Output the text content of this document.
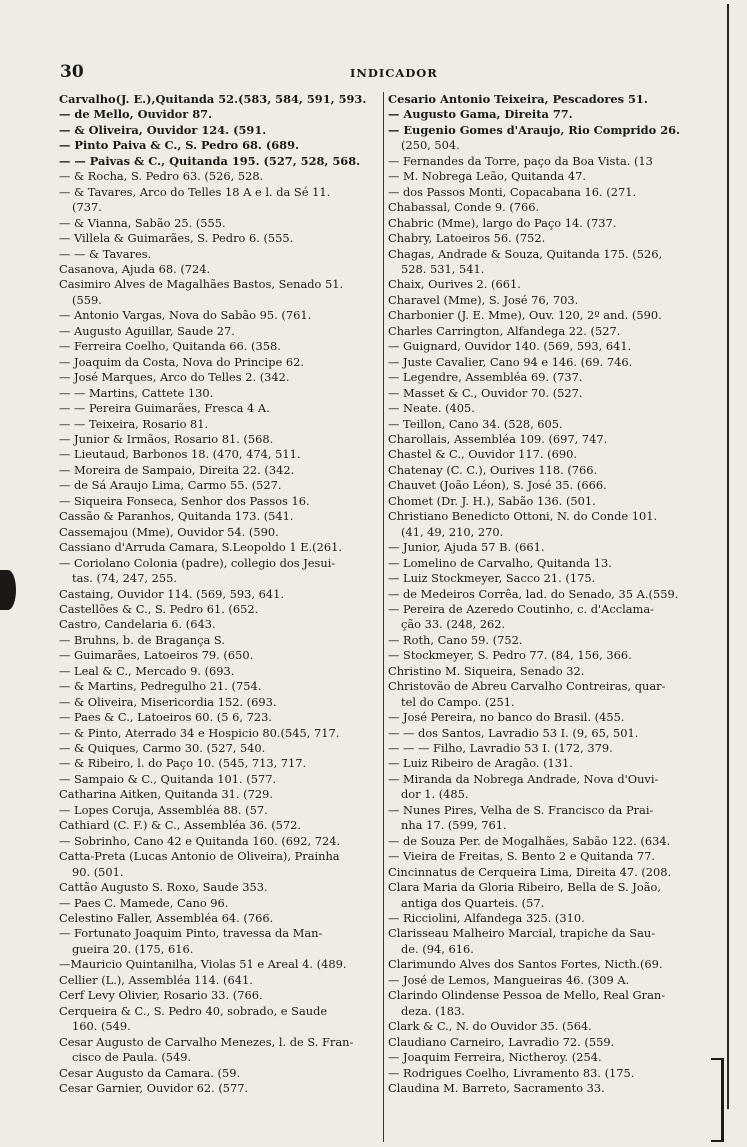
30	INDICADOR
Carvalho(J. E.),Quitanda 52.(583, 584, 591, 593.
— de Mello, Ouvidor 87.
— & Oliveira, Ouvidor 124. (591.
— Pinto Paiva & C., S. Pedro 68. (689.
— — Paivas & C., Quitanda 195. (527, 528, 568.
— & Rocha, S. Pedro 63. (526, 528.
— & Tavares, Arco do Telles 18 A e l. da Sé 11.
(737.
— & Vianna, Sabão 25. (555.
— Villela & Guimarães, S. Pedro 6. (555.
— — & Tavares.
Casanova, Ajuda 68. (724.
Casimiro Alves de Magalhães Bastos, Senado 51.
(559.
— Antonio Vargas, Nova do Sabão 95. (761.
— Augusto Aguillar, Saude 27.
— Ferreira Coelho, Quitanda 66. (358.
— Joaquim da Costa, Nova do Principe 62.
— José Marques, Arco do Telles 2. (342.
— — Martins, Cattete 130.
— — Pereira Guimarães, Fresca 4 A.
— — Teixeira, Rosario 81.
— Junior & Irmãos, Rosario 81. (568.
— Lieutaud, Barbonos 18. (470, 474, 511.
— Moreira de Sampaio, Direita 22. (342.
— de Sá Araujo Lima, Carmo 55. (527.
— Siqueira Fonseca, Senhor dos Passos 16.
Cassão & Paranhos, Quitanda 173. (541.
Cassemajou (Mme), Ouvidor 54. (590.
Cassiano d'Arruda Camara, S.Leopoldo 1 E.(261.
— Coriolano Colonia (padre), collegio dos Jesui-
tas. (74, 247, 255.
Castaing, Ouvidor 114. (569, 593, 641.
Castellões & C., S. Pedro 61. (652.
Castro, Candelaria 6. (643.
— Bruhns, b. de Bragança S.
— Guimarães, Latoeiros 79. (650.
— Leal & C., Mercado 9. (693.
— & Martins, Pedregulho 21. (754.
— & Oliveira, Misericordia 152. (693.
— Paes & C., Latoeiros 60. (5 6, 723.
— & Pinto, Aterrado 34 e Hospicio 80.(545, 717.
— & Quiques, Carmo 30. (527, 540.
— & Ribeiro, l. do Paço 10. (545, 713, 717.
— Sampaio & C., Quitanda 101. (577.
Catharina Aitken, Quitanda 31. (729.
— Lopes Coruja, Assembléa 88. (57.
Cathiard (C. F.) & C., Assembléa 36. (572.
— Sobrinho, Cano 42 e Quitanda 160. (692, 724.
Catta-Preta (Lucas Antonio de Oliveira), Prainha
90. (501.
Cattão Augusto S. Roxo, Saude 353.
— Paes C. Mamede, Cano 96.
Celestino Faller, Assembléa 64. (766.
— Fortunato Joaquim Pinto, travessa da Man-
gueira 20. (175, 616.
—Mauricio Quintanilha, Violas 51 e Areal 4. (489.
Cellier (L.), Assembléa 114. (641.
Cerf Levy Olivier, Rosario 33. (766.
Cerqueira & C., S. Pedro 40, sobrado, e Saude
160. (549.
Cesar Augusto de Carvalho Menezes, l. de S. Fran-
cisco de Paula. (549.
Cesar Augusto da Camara. (59.
Cesar Garnier, Ouvidor 62. (577.
Cesario Antonio Teixeira, Pescadores 51.
— Augusto Gama, Direita 77.
— Eugenio Gomes d'Araujo, Rio Comprido 26.
(250, 504.
— Fernandes da Torre, paço da Boa Vista. (13
— M. Nobrega Leão, Quitanda 47.
— dos Passos Monti, Copacabana 16. (271.
Chabassal, Conde 9. (766.
Chabric (Mme), largo do Paço 14. (737.
Chabry, Latoeiros 56. (752.
Chagas, Andrade & Souza, Quitanda 175. (526,
528. 531, 541.
Chaix, Ourives 2. (661.
Charavel (Mme), S. José 76, 703.
Charbonier (J. E. Mme), Ouv. 120, 2º and. (590.
Charles Carrington, Alfandega 22. (527.
— Guignard, Ouvidor 140. (569, 593, 641.
— Juste Cavalier, Cano 94 e 146. (69. 746.
— Legendre, Assembléa 69. (737.
— Masset & C., Ouvidor 70. (527.
— Neate. (405.
— Teillon, Cano 34. (528, 605.
Charollais, Assembléa 109. (697, 747.
Chastel & C., Ouvidor 117. (690.
Chatenay (C. C.), Ourives 118. (766.
Chauvet (João Léon), S. José 35. (666.
Chomet (Dr. J. H.), Sabão 136. (501.
Christiano Benedicto Ottoni, N. do Conde 101.
(41, 49, 210, 270.
— Junior, Ajuda 57 B. (661.
— Lomelino de Carvalho, Quitanda 13.
— Luiz Stockmeyer, Sacco 21. (175.
— de Medeiros Corrêa, lad. do Senado, 35 A.(559.
— Pereira de Azeredo Coutinho, c. d'Acclama-
ção 33. (248, 262.
— Roth, Cano 59. (752.
— Stockmeyer, S. Pedro 77. (84, 156, 366.
Christino M. Siqueira, Senado 32.
Christovão de Abreu Carvalho Contreiras, quar-
tel do Campo. (251.
— José Pereira, no banco do Brasil. (455.
— — dos Santos, Lavradio 53 I. (9, 65, 501.
— — — Filho, Lavradio 53 I. (172, 379.
— Luiz Ribeiro de Aragão. (131.
— Miranda da Nobrega Andrade, Nova d'Ouvi-
dor 1. (485.
— Nunes Pires, Velha de S. Francisco da Prai-
nha 17. (599, 761.
— de Souza Per. de Mogalhães, Sabão 122. (634.
— Vieira de Freitas, S. Bento 2 e Quitanda 77.
Cincinnatus de Cerqueira Lima, Direita 47. (208.
Clara Maria da Gloria Ribeiro, Bella de S. João,
antiga dos Quarteis. (57.
— Ricciolini, Alfandega 325. (310.
Clarisseau Malheiro Marcial, trapiche da Sau-
de. (94, 616.
Clarimundo Alves dos Santos Fortes, Nicth.(69.
— José de Lemos, Mangueiras 46. (309 A.
Clarindo Olindense Pessoa de Mello, Real Gran-
deza. (183.
Clark & C., N. do Ouvidor 35. (564.
Claudiano Carneiro, Lavradio 72. (559.
— Joaquim Ferreira, Nictheroy. (254.
— Rodrigues Coelho, Livramento 83. (175.
Claudina M. Barreto, Sacramento 33.
